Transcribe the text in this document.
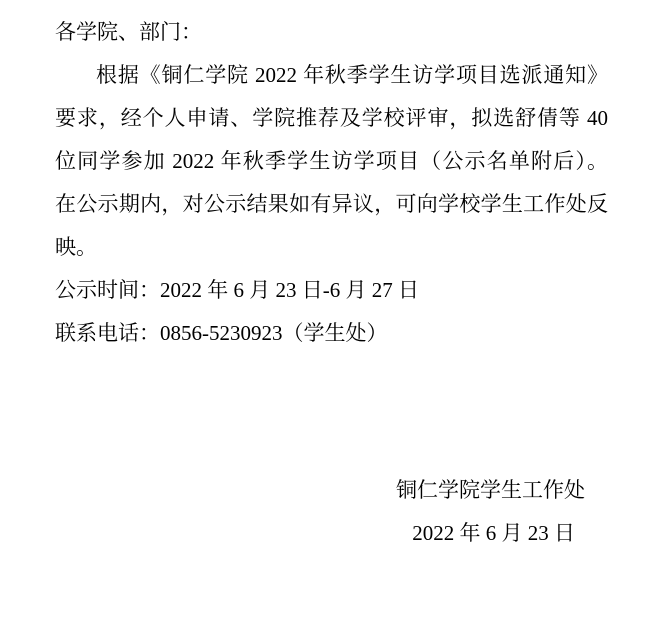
各学院、部门：
根据《铜仁学院 2022 年秋季学生访学项目选派通知》
要求，经个人申请、学院推荐及学校评审，拟选舒倩等 40
位同学参加 2022 年秋季学生访学项目（公示名单附后）。
在公示期内，对公示结果如有异议，可向学校学生工作处反
映。
公示时间：2022 年 6 月 23 日-6 月 27 日
联系电话：0856-5230923（学生处）
铜仁学院学生工作处
2022 年 6 月 23 日
